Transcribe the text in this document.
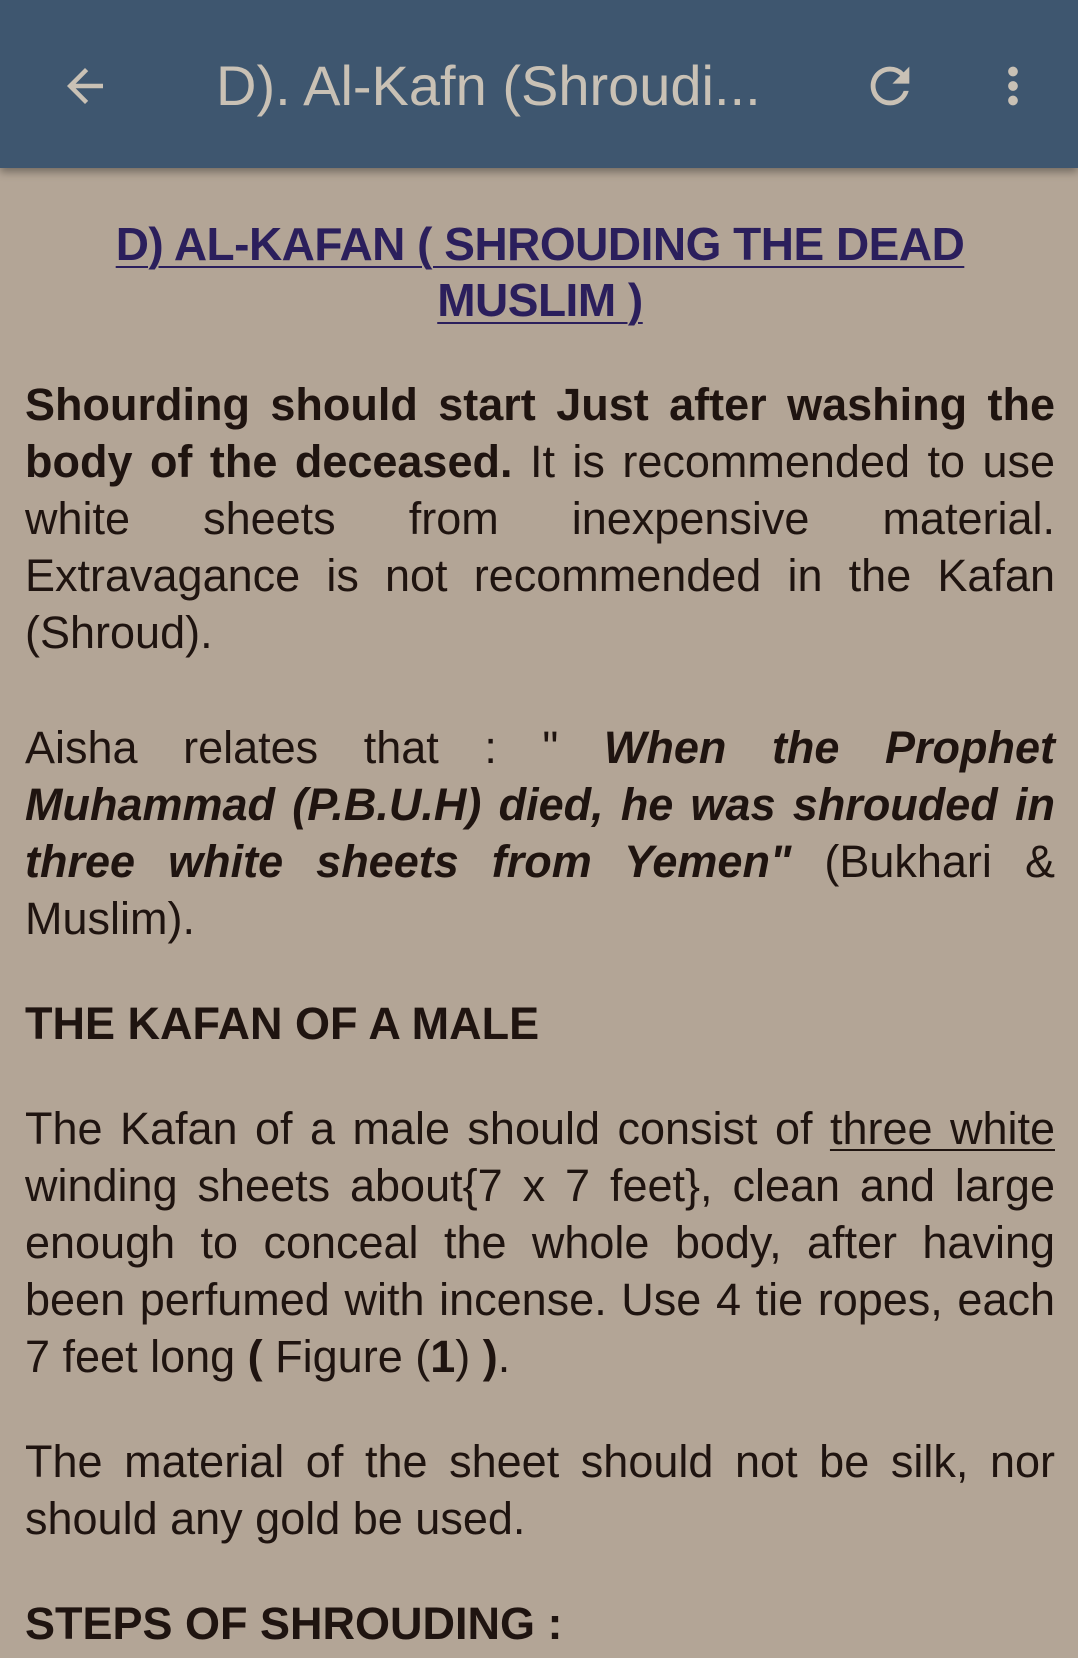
D). Al-Kafn (Shroudi...
D) AL-KAFAN ( SHROUDING THE DEAD MUSLIM )

Shourding should start Just after washing the body of the deceased. It is recommended to use white sheets from inexpensive material. Extravagance is not recommended in the Kafan (Shroud).

Aisha relates that : " When the Prophet Muhammad (P.B.U.H) died, he was shrouded in three white sheets from Yemen" (Bukhari & Muslim).

THE KAFAN OF A MALE

The Kafan of a male should consist of three white winding sheets about{7 x 7 feet}, clean and large enough to conceal the whole body, after having been perfumed with incense. Use 4 tie ropes, each 7 feet long ( Figure (1) ).

The material of the sheet should not be silk, nor should any gold be used.

STEPS OF SHROUDING :
